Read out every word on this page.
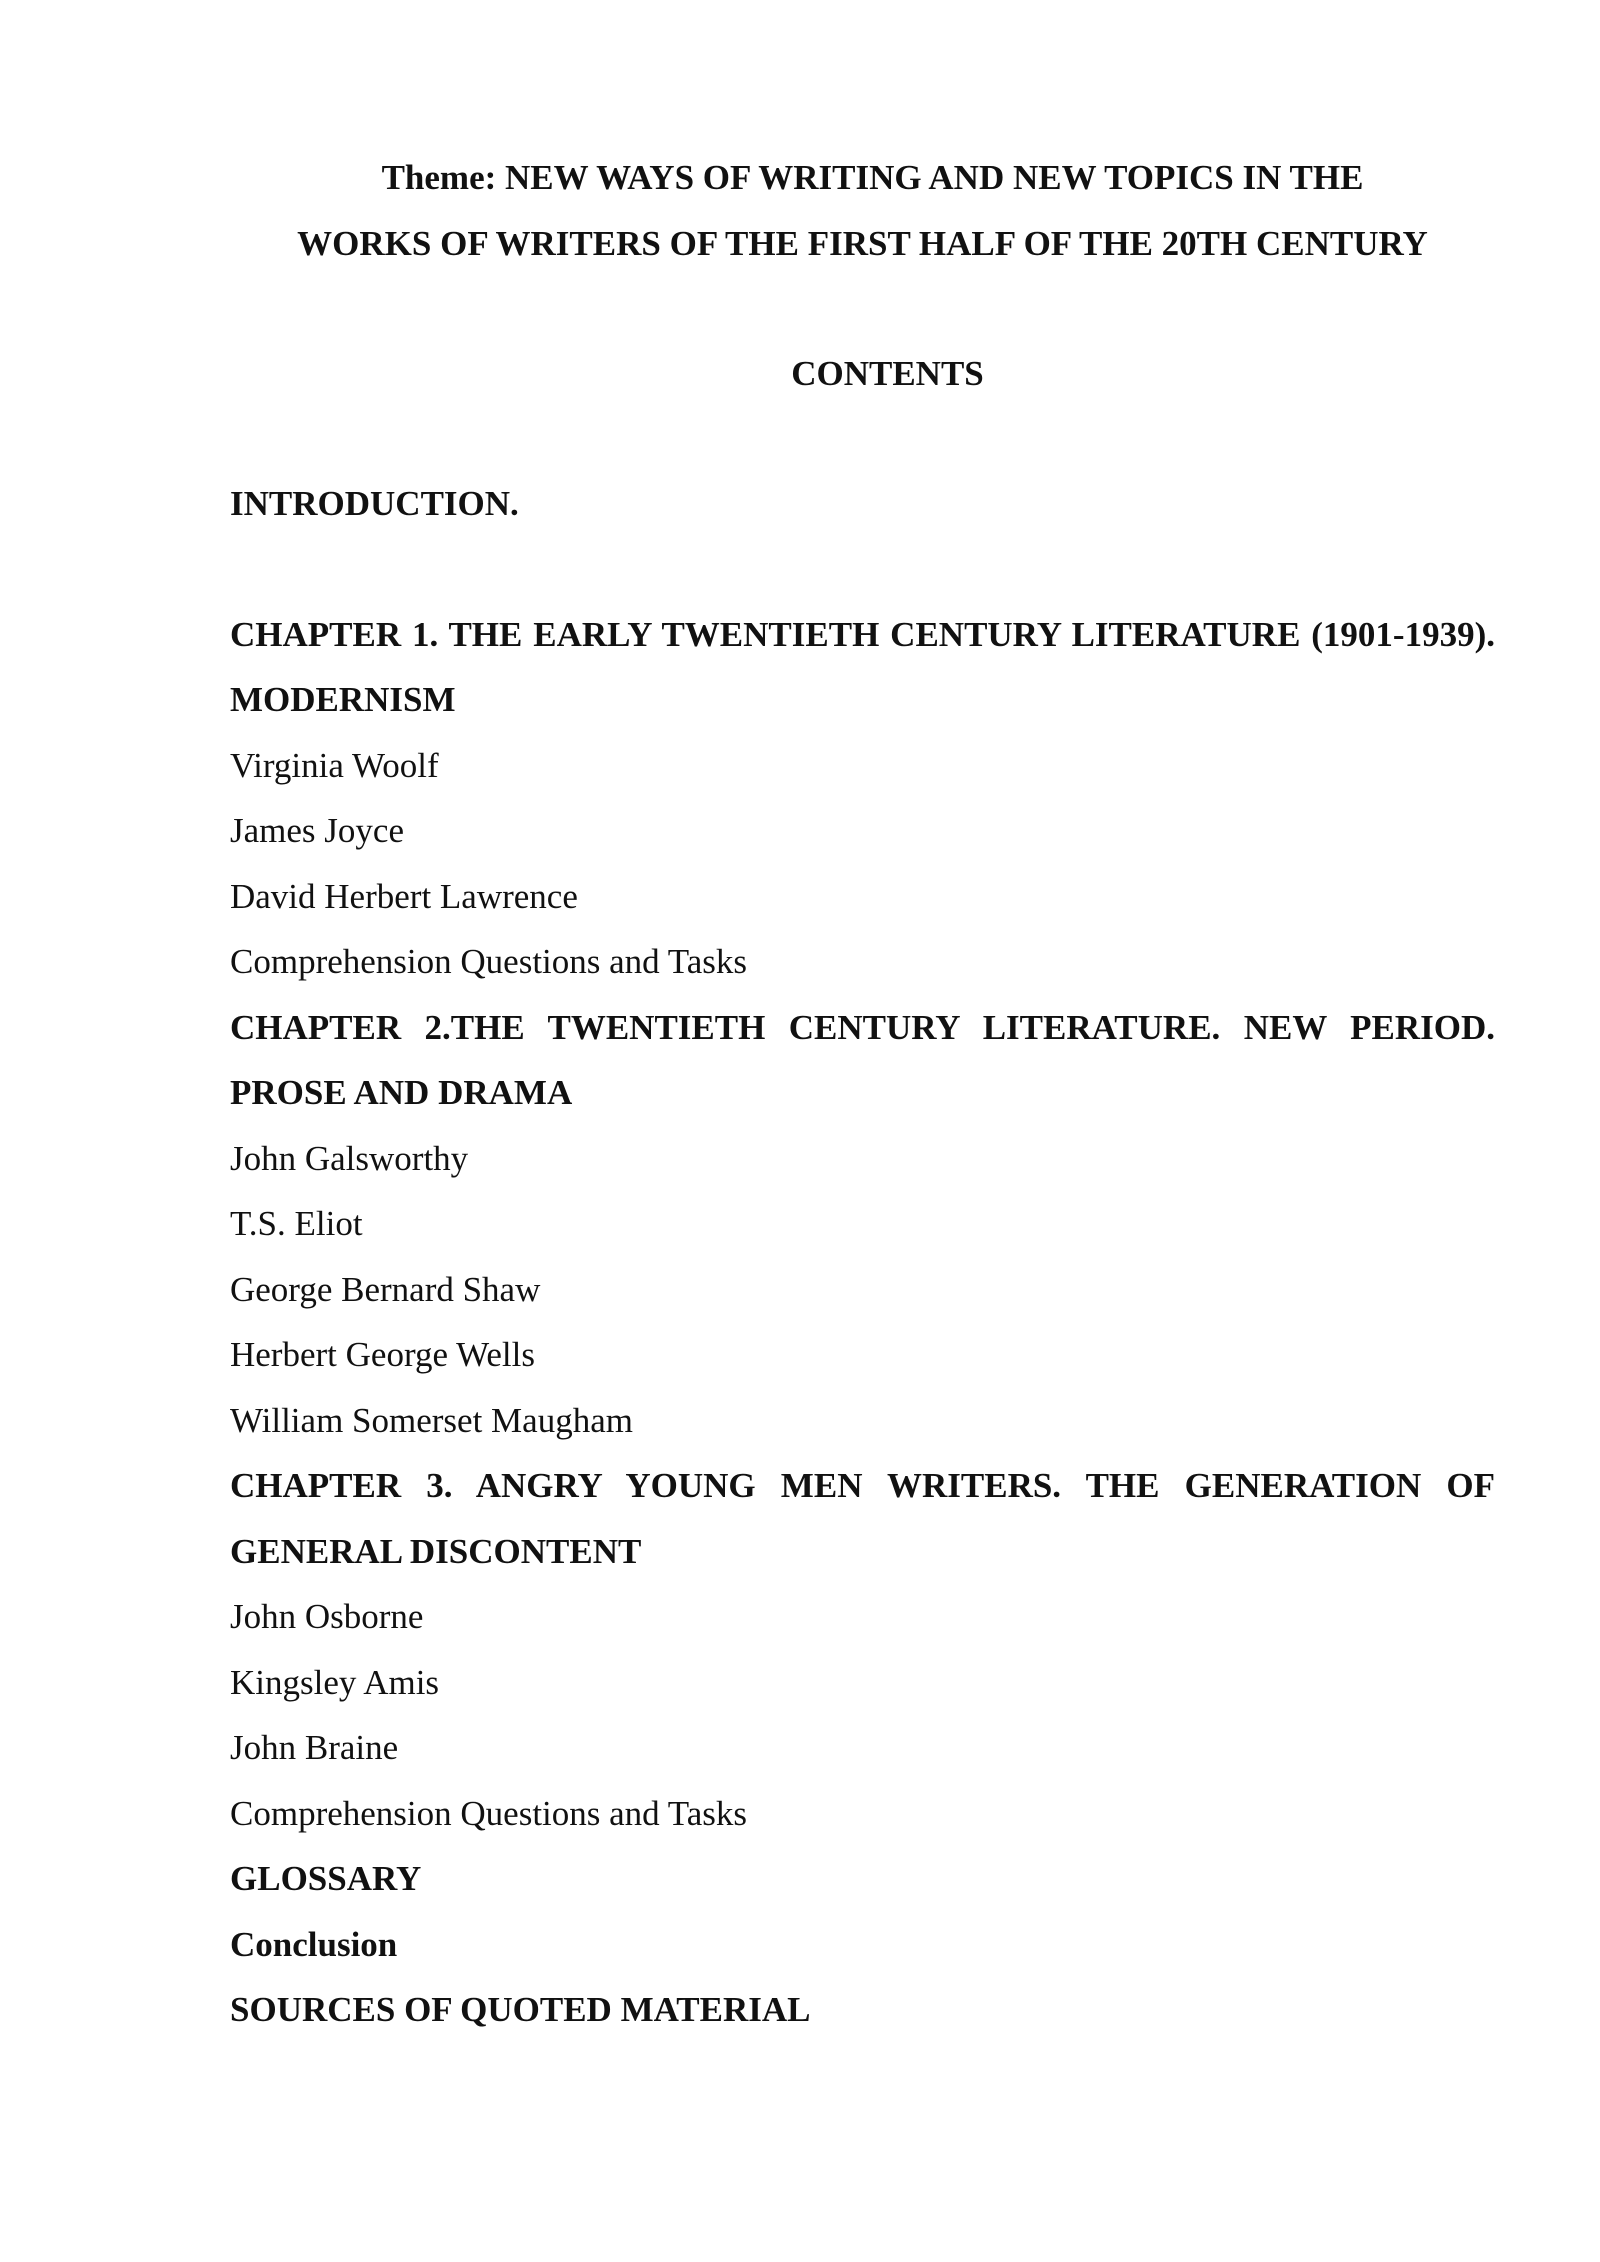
Theme: NEW WAYS OF WRITING AND NEW TOPICS IN THE
WORKS OF WRITERS OF THE FIRST HALF OF THE 20TH CENTURY
CONTENTS

INTRODUCTION.

CHAPTER 1. THE EARLY TWENTIETH CENTURY LITERATURE (1901-1939). MODERNISM

Virginia Woolf

James Joyce

David Herbert Lawrence

Comprehension Questions and Tasks

CHAPTER 2.THE TWENTIETH CENTURY LITERATURE. NEW PERIOD. PROSE AND DRAMA

John Galsworthy

T.S. Eliot

George Bernard Shaw

Herbert George Wells

William Somerset Maugham

CHAPTER 3. ANGRY YOUNG MEN WRITERS. THE GENERATION OF GENERAL DISCONTENT

John Osborne

Kingsley Amis

John Braine

Comprehension Questions and Tasks

GLOSSARY

Conclusion

SOURCES OF QUOTED MATERIAL
